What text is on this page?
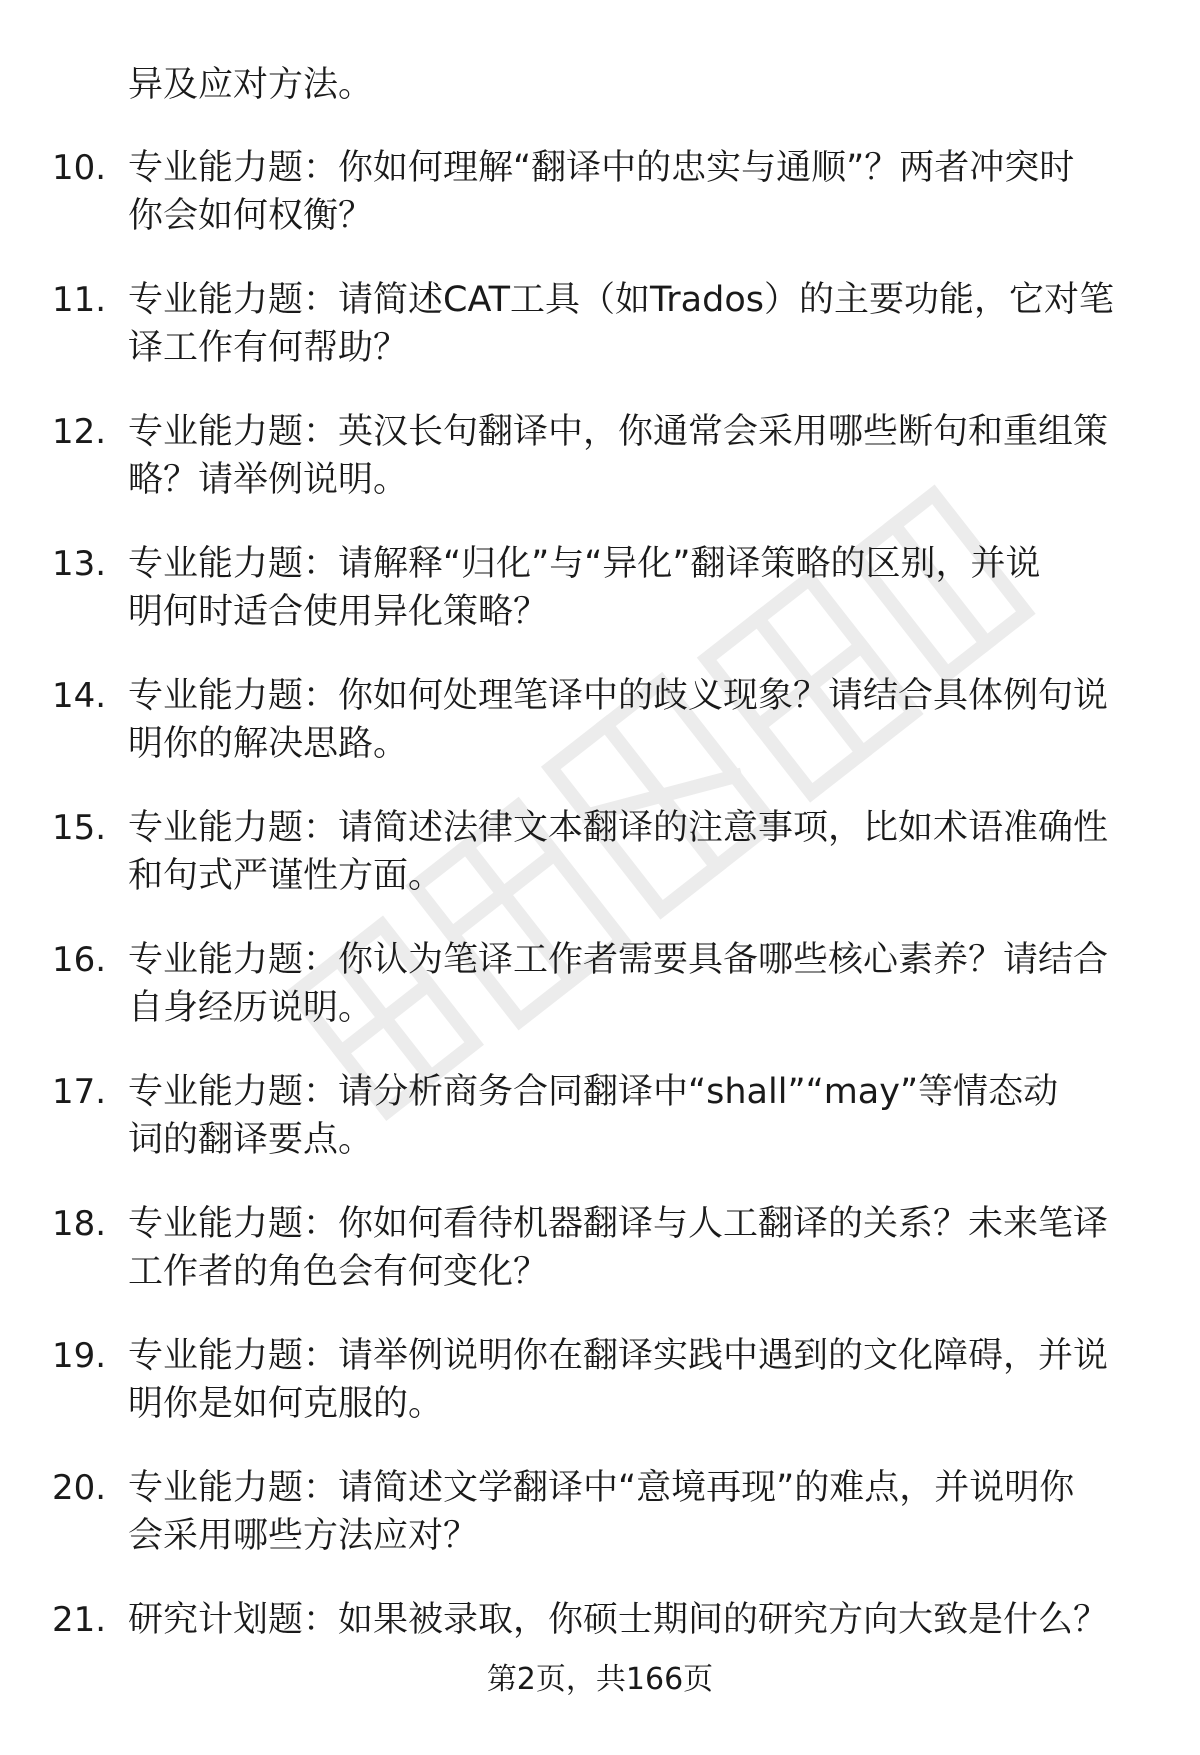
异及应对方法。
10. 专业能力题：你如何理解“翻译中的忠实与通顺”？两者冲突时
你会如何权衡？
11. 专业能力题：请简述CAT工具（如Trados）的主要功能，它对笔
译工作有何帮助？
12. 专业能力题：英汉长句翻译中，你通常会采用哪些断句和重组策
略？请举例说明。
13. 专业能力题：请解释“归化”与“异化”翻译策略的区别，并说
明何时适合使用异化策略？
14. 专业能力题：你如何处理笔译中的歧义现象？请结合具体例句说
明你的解决思路。
15. 专业能力题：请简述法律文本翻译的注意事项，比如术语准确性
和句式严谨性方面。
16. 专业能力题：你认为笔译工作者需要具备哪些核心素养？请结合
自身经历说明。
17. 专业能力题：请分析商务合同翻译中“shall”“may”等情态动
词的翻译要点。
18. 专业能力题：你如何看待机器翻译与人工翻译的关系？未来笔译
工作者的角色会有何变化？
19. 专业能力题：请举例说明你在翻译实践中遇到的文化障碍，并说
明你是如何克服的。
20. 专业能力题：请简述文学翻译中“意境再现”的难点，并说明你
会采用哪些方法应对？
21. 研究计划题：如果被录取，你硕士期间的研究方向大致是什么？
第2页，共166页
